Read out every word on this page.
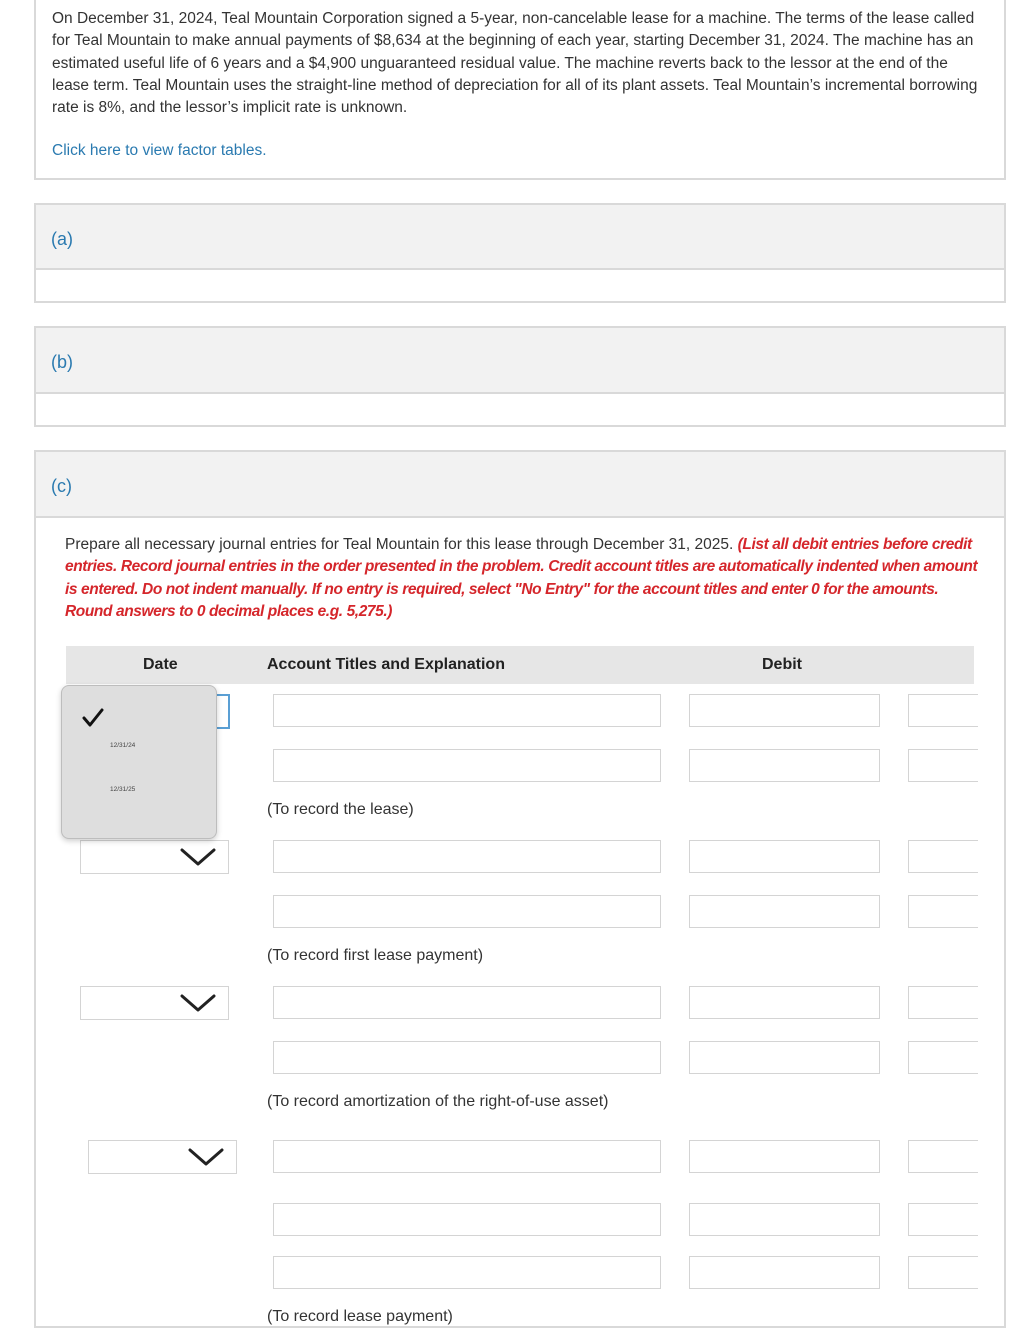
On December 31, 2024, Teal Mountain Corporation signed a 5-year, non-cancelable lease for a machine. The terms of the lease called for Teal Mountain to make annual payments of $8,634 at the beginning of each year, starting December 31, 2024. The machine has an estimated useful life of 6 years and a $4,900 unguaranteed residual value. The machine reverts back to the lessor at the end of the lease term. Teal Mountain uses the straight-line method of depreciation for all of its plant assets. Teal Mountain’s incremental borrowing rate is 8%, and the lessor’s implicit rate is unknown.

Click here to view factor tables.
(a)
(b)
(c)
Prepare all necessary journal entries for Teal Mountain for this lease through December 31, 2025. (List all debit entries before credit entries. Record journal entries in the order presented in the problem. Credit account titles are automatically indented when amount is entered. Do not indent manually. If no entry is required, select "No Entry" for the account titles and enter 0 for the amounts. Round answers to 0 decimal places e.g. 5,275.)
Date	Account Titles and Explanation	Debit
(To record the lease)
(To record first lease payment)
(To record amortization of the right-of-use asset)
(To record lease payment)
12/31/24
12/31/25
